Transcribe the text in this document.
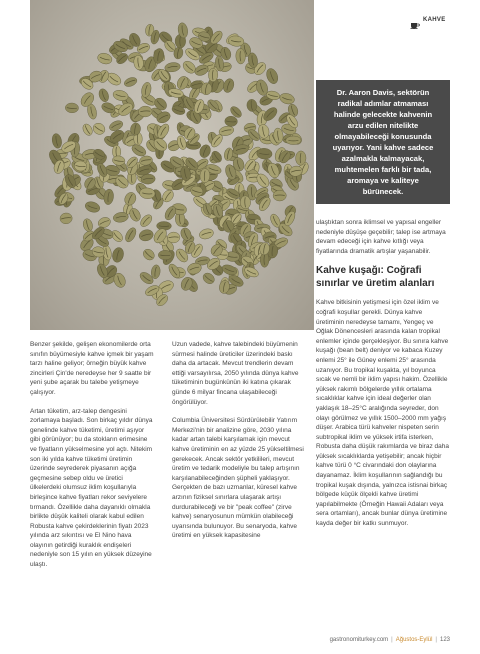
KAHVE

Dr. Aaron Davis, sektörün radikal adımlar atmaması halinde gelecekte kahvenin arzu edilen nitelikte olmayabileceği konusunda uyarıyor. Yani kahve sadece azalmakla kalmayacak, muhtemelen farklı bir tada, aromaya ve kaliteye bürünecek.

Benzer şekilde, gelişen ekonomilerde orta sınıfın büyümesiyle kahve içmek bir yaşam tarzı haline geliyor; örneğin büyük kahve zincirleri Çin'de neredeyse her 9 saatte bir yeni şube açarak bu talebe yetişmeye çalışıyor.

Artan tüketim, arz-talep dengesini zorlamaya başladı. Son birkaç yıldır dünya genelinde kahve tüketimi, üretimi aşıyor gibi görünüyor; bu da stokların erimesine ve fiyatların yükselmesine yol açtı. Nitekim son iki yılda kahve tüketimi üretimin üzerinde seyrederek piyasanın açığa geçmesine sebep oldu ve üretici ülkelerdeki olumsuz iklim koşullarıyla birleşince kahve fiyatları rekor seviyelere tırmandı. Özellikle daha dayanıklı olmakla birlikte düşük kaliteli olarak kabul edilen Robusta kahve çekirdeklerinin fiyatı 2023 yılında arz sıkıntısı ve El Nino hava olayının getirdiği kuraklık endişeleri nedeniyle son 15 yılın en yüksek düzeyine ulaştı.

Uzun vadede, kahve talebindeki büyümenin sürmesi halinde üreticiler üzerindeki baskı daha da artacak. Mevcut trendlerin devam ettiği varsayılırsa, 2050 yılında dünya kahve tüketiminin bugünkünün iki katına çıkarak günde 6 milyar fincana ulaşabileceği öngörülüyor.

Columbia Üniversitesi Sürdürülebilir Yatırım Merkezi'nin bir analizine göre, 2030 yılına kadar artan talebi karşılamak için mevcut kahve üretiminin en az yüzde 25 yükseltilmesi gerekecek. Ancak sektör yetkilileri, mevcut üretim ve tedarik modeliyle bu talep artışının karşılanabileceğinden şüpheli yaklaşıyor. Gerçekten de bazı uzmanlar, küresel kahve arzının fiziksel sınırlara ulaşarak artışı durdurabileceği ve bir "peak coffee" (zirve kahve) senaryosunun mümkün olabileceği uyarısında bulunuyor. Bu senaryoda, kahve üretimi en yüksek kapasitesine

ulaştıktan sonra iklimsel ve yapısal engeller nedeniyle düşüşe geçebilir; talep ise artmaya devam edeceği için kahve kıtlığı veya fiyatlarında dramatik artışlar yaşanabilir.

Kahve kuşağı: Coğrafi sınırlar ve üretim alanları

Kahve bitkisinin yetişmesi için özel iklim ve coğrafi koşullar gerekli. Dünya kahve üretiminin neredeyse tamamı, Yengeç ve Oğlak Dönencesleri arasında kalan tropikal enlemler içinde gerçekleşiyor. Bu sınıra kahve kuşağı (bean belt) deniyor ve kabaca Kuzey enlemi 25° ile Güney enlemi 25° arasında uzanıyor. Bu tropikal kuşakta, yıl boyunca sıcak ve nemli bir iklim yapısı hakim. Özellikle yüksek rakımlı bölgelerde yıllık ortalama sıcaklıklar kahve için ideal değerler olan yaklaşık 18–25°C aralığında seyreder, don olayı görülmez ve yıllık 1500–2000 mm yağış düşer. Arabica türü kahveler nispeten serin subtropikal iklim ve yüksek irtifa isterken, Robusta daha düşük rakımlarda ve biraz daha yüksek sıcaklıklarda yetişebilir; ancak hiçbir kahve türü 0 °C civarındaki don olaylarına dayanamaz. İklim koşullarının sağlandığı bu tropikal kuşak dışında, yalnızca istisnai birkaç bölgede küçük ölçekli kahve üretimi yapılabilmekte (Örneğin Hawaii Adaları veya sera ortamları), ancak bunlar dünya üretimine kayda değer bir katkı sunmuyor.

gastronomiturkey.com | Ağustos-Eylül | 123
